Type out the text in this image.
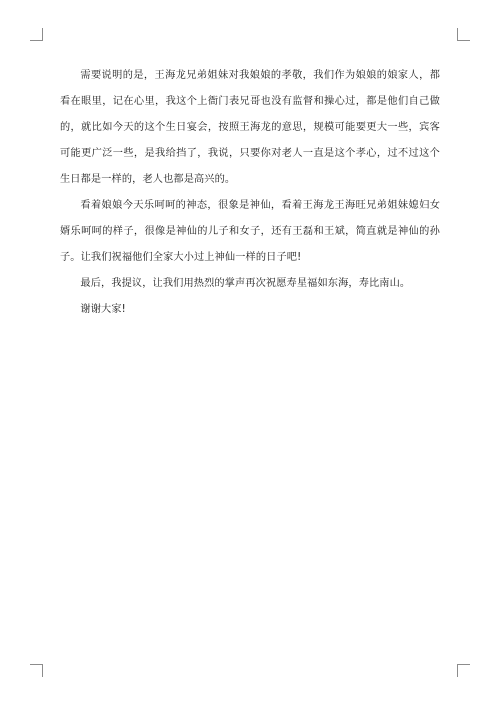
需要说明的是，王海龙兄弟姐妹对我娘娘的孝敬，我们作为娘娘的娘家人，都看在眼里，记在心里，我这个上衙门表兄哥也没有监督和操心过，都是他们自己做的，就比如今天的这个生日宴会，按照王海龙的意思，规模可能要更大一些，宾客可能更广泛一些，是我给挡了，我说，只要你对老人一直是这个孝心，过不过这个生日都是一样的，老人也都是高兴的。

看着娘娘今天乐呵呵的神态，很象是神仙，看着王海龙王海旺兄弟姐妹媳妇女婿乐呵呵的样子，很像是神仙的儿子和女子，还有王磊和王斌，简直就是神仙的孙子。让我们祝福他们全家大小过上神仙一样的日子吧!

最后，我提议，让我们用热烈的掌声再次祝愿寿星福如东海，寿比南山。

谢谢大家!
